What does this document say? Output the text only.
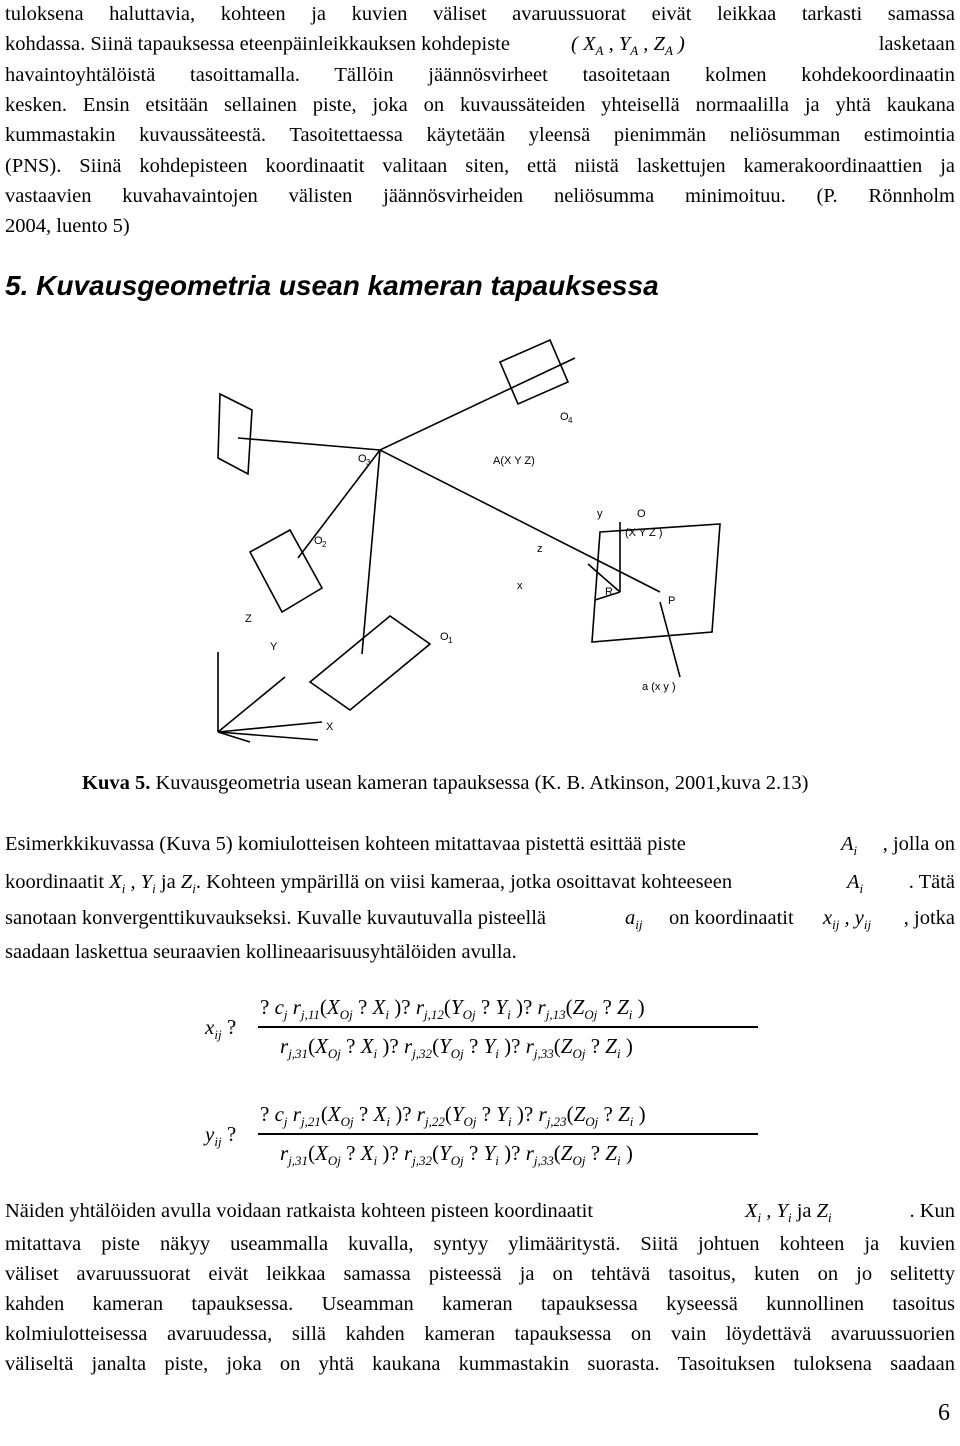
tuloksena haluttavia, kohteen ja kuvien väliset avaruussuorat eivät leikkaa tarkasti samassa
kohdassa. Siinä tapauksessa eteenpäinleikkauksen kohdepiste	( $X_A$ , $Y_A$ , $Z_A$ )	lasketaan
havaintoyhtälöistä tasoittamalla. Tällöin jäännösvirheet tasoitetaan kolmen kohdekoordinaatin
kesken. Ensin etsitään sellainen piste, joka on kuvaussäteiden yhteisellä normaalilla ja yhtä kaukana
kummastakin kuvaussäteestä. Tasoitettaessa käytetään yleensä pienimmän neliösumman estimointia
(PNS). Siinä kohdepisteen koordinaatit valitaan siten, että niistä laskettujen kamerakoordinaattien ja
vastaavien kuvahavaintojen välisten jäännösvirheiden neliösumma minimoituu. (P. Rönnholm
2004, luento 5)
5. Kuvausgeometria usean kameran tapauksessa
O 4
O 3	A(X Y Z)
y	O
(X Y Z )
z
O 2
x	R
P
Z
O 1
Y
X
a (x y )
Kuva 5. Kuvausgeometria usean kameran tapauksessa (K. B. Atkinson, 2001,kuva 2.13)
Esimerkkikuvassa (Kuva 5) komiulotteisen kohteen mitattavaa pistettä esittää piste	$A_i$ , jolla on
koordinaatit $X_i$ , $Y_i$ ja $Z_i$. Kohteen ympärillä on viisi kameraa, jotka osoittavat kohteeseen	$A_i$ . Tätä
sanotaan konvergenttikuvaukseksi. Kuvalle kuvautuvalla pisteellä	$a_{ij}$ on koordinaatit $x_{ij}$ , $y_{ij}$ , jotka
saadaan laskettua seuraavien kollineaarisuusyhtälöiden avulla.
$x_{ij}$ ?
? $c_j$ $r_{j,11}(X_{Oj}$ ? $X_i$ )? $r_{j,12}(Y_{Oj}$ ? $Y_i$ )? $r_{j,13}(Z_{Oj}$ ? $Z_i$ )
$r_{j,31}(X_{Oj}$ ? $X_i$ )? $r_{j,32}(Y_{Oj}$ ? $Y_i$ )? $r_{j,33}(Z_{Oj}$ ? $Z_i$ )
$y_{ij}$ ?
? $c_j$ $r_{j,21}(X_{Oj}$ ? $X_i$ )? $r_{j,22}(Y_{Oj}$ ? $Y_i$ )? $r_{j,23}(Z_{Oj}$ ? $Z_i$ )
$r_{j,31}(X_{Oj}$ ? $X_i$ )? $r_{j,32}(Y_{Oj}$ ? $Y_i$ )? $r_{j,33}(Z_{Oj}$ ? $Z_i$ )
Näiden yhtälöiden avulla voidaan ratkaista kohteen pisteen koordinaatit	$X_i$ , $Y_i$ ja $Z_i$	. Kun
mitattava piste näkyy useammalla kuvalla, syntyy ylimääritystä. Siitä johtuen kohteen ja kuvien
väliset avaruussuorat eivät leikkaa samassa pisteessä ja on tehtävä tasoitus, kuten on jo selitetty
kahden kameran tapauksessa. Useamman kameran tapauksessa kyseessä kunnollinen tasoitus
kolmiulotteisessa avaruudessa, sillä kahden kameran tapauksessa on vain löydettävä avaruussuorien
väliseltä janalta piste, joka on yhtä kaukana kummastakin suorasta. Tasoituksen tuloksena saadaan
6
